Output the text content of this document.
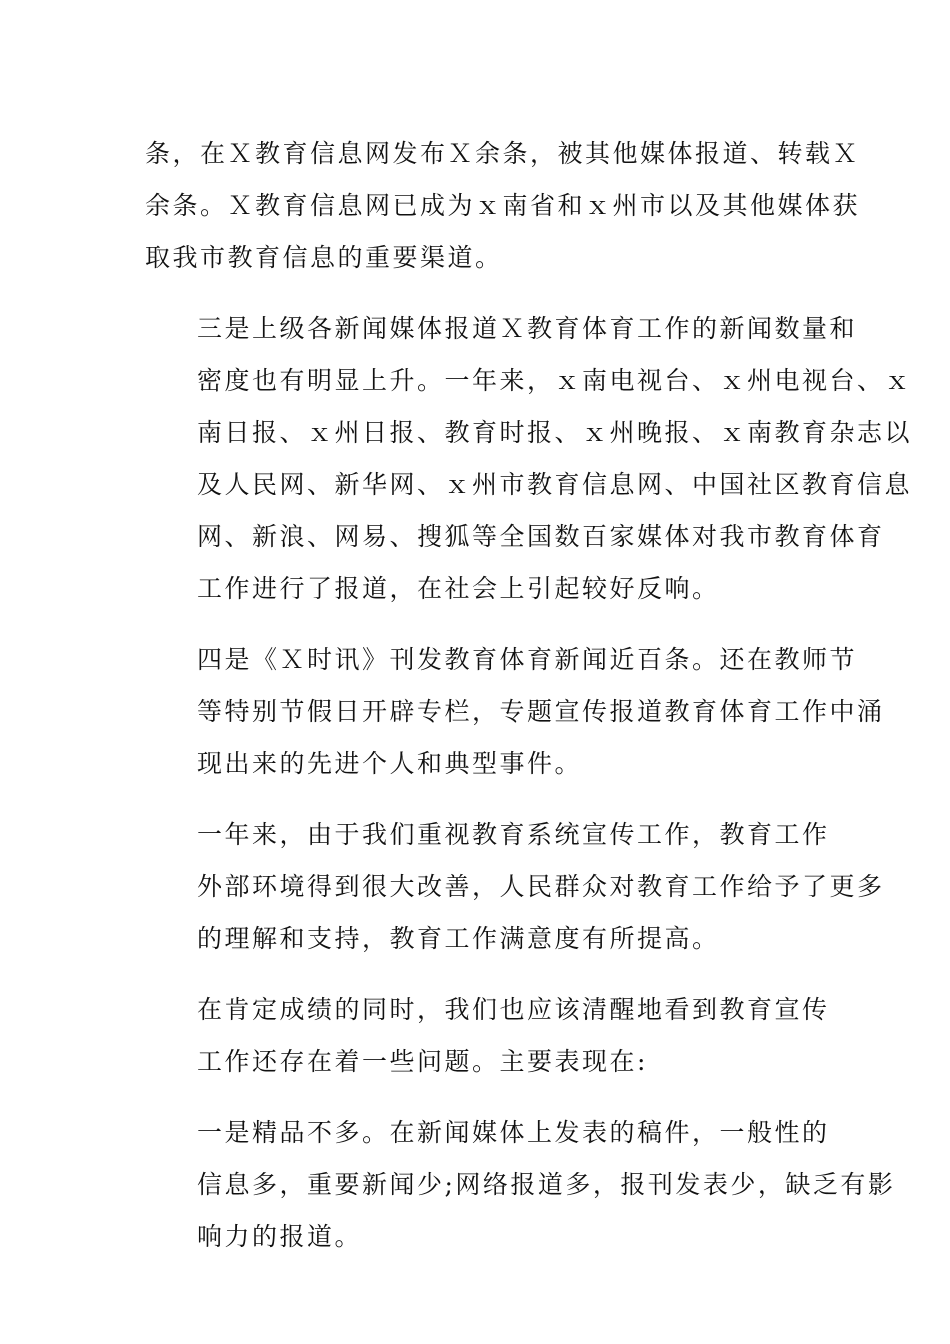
条，在Ｘ教育信息网发布Ｘ余条，被其他媒体报道、转载Ｘ
余条。Ｘ教育信息网已成为ｘ南省和ｘ州市以及其他媒体获
取我市教育信息的重要渠道。

三是上级各新闻媒体报道Ｘ教育体育工作的新闻数量和
密度也有明显上升。一年来，ｘ南电视台、ｘ州电视台、ｘ
南日报、ｘ州日报、教育时报、ｘ州晚报、ｘ南教育杂志以
及人民网、新华网、ｘ州市教育信息网、中国社区教育信息
网、新浪、网易、搜狐等全国数百家媒体对我市教育体育
工作进行了报道，在社会上引起较好反响。

四是《Ｘ时讯》刊发教育体育新闻近百条。还在教师节
等特别节假日开辟专栏，专题宣传报道教育体育工作中涌
现出来的先进个人和典型事件。

一年来，由于我们重视教育系统宣传工作，教育工作
外部环境得到很大改善，人民群众对教育工作给予了更多
的理解和支持，教育工作满意度有所提高。

在肯定成绩的同时，我们也应该清醒地看到教育宣传
工作还存在着一些问题。主要表现在:

一是精品不多。在新闻媒体上发表的稿件，一般性的
信息多，重要新闻少;网络报道多，报刊发表少，缺乏有影
响力的报道。
